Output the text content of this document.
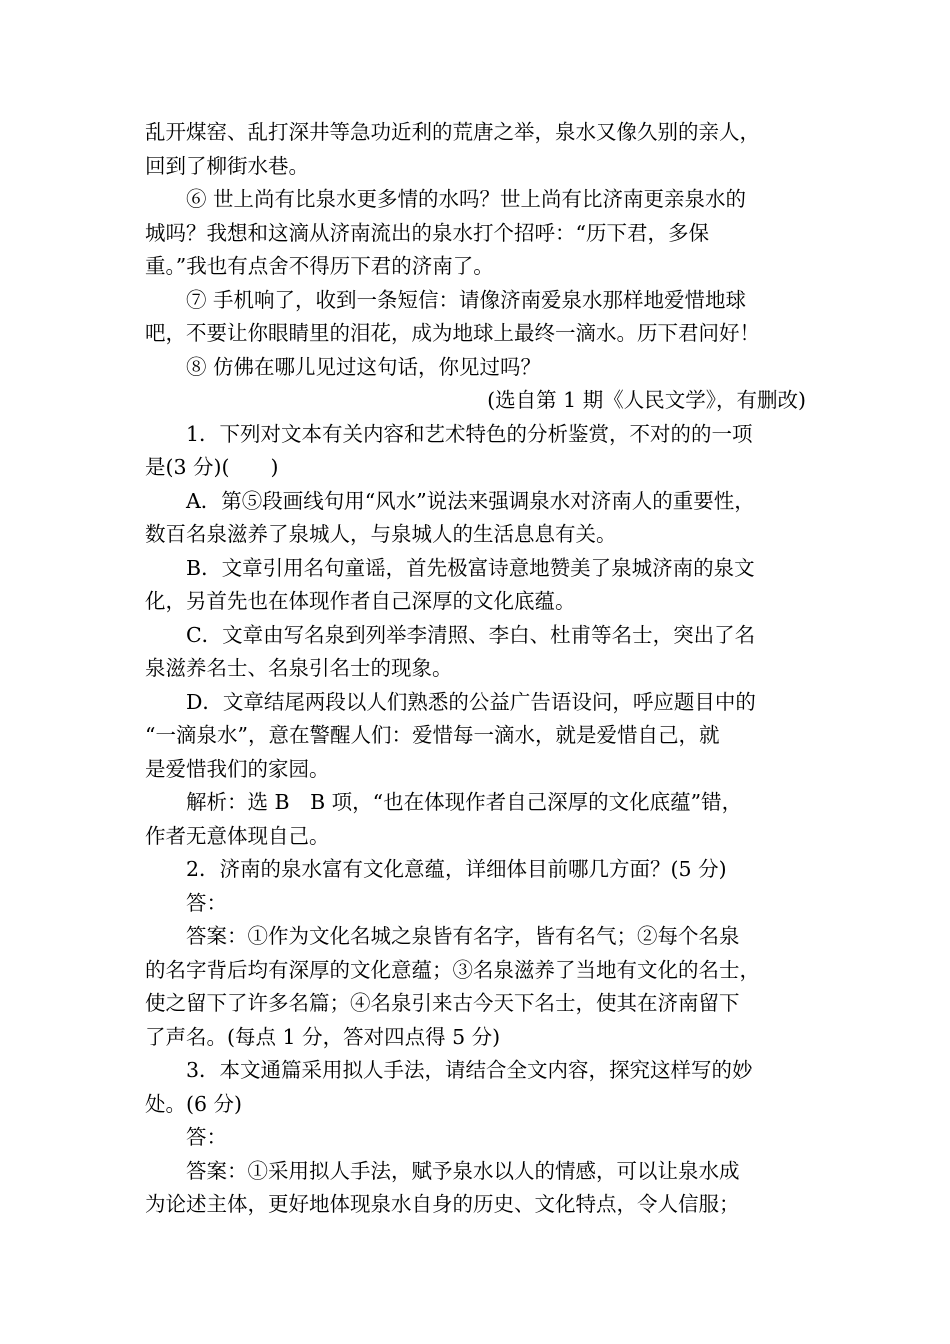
乱开煤窑、乱打深井等急功近利的荒唐之举，泉水又像久别的亲人，
回到了柳街水巷。
⑥ 世上尚有比泉水更多情的水吗？世上尚有比济南更亲泉水的
城吗？我想和这滴从济南流出的泉水打个招呼：“历下君，多保
重。”我也有点舍不得历下君的济南了。
⑦ 手机响了，收到一条短信：请像济南爱泉水那样地爱惜地球
吧，不要让你眼睛里的泪花，成为地球上最终一滴水。历下君问好！
⑧ 仿佛在哪儿见过这句话，你见过吗？
(选自第 1 期《人民文学》，有删改)
1．下列对文本有关内容和艺术特色的分析鉴赏，不对的的一项
是(3 分)(　　)
A．第⑤段画线句用“风水”说法来强调泉水对济南人的重要性，
数百名泉滋养了泉城人，与泉城人的生活息息有关。
B．文章引用名句童谣，首先极富诗意地赞美了泉城济南的泉文
化，另首先也在体现作者自己深厚的文化底蕴。
C．文章由写名泉到列举李清照、李白、杜甫等名士，突出了名
泉滋养名士、名泉引名士的现象。
D．文章结尾两段以人们熟悉的公益广告语设问，呼应题目中的
“一滴泉水”，意在警醒人们：爱惜每一滴水，就是爱惜自己，就
是爱惜我们的家园。
解析：选 B　B 项，“也在体现作者自己深厚的文化底蕴”错，
作者无意体现自己。
2．济南的泉水富有文化意蕴，详细体目前哪几方面？(5 分)
答：
答案：①作为文化名城之泉皆有名字，皆有名气；②每个名泉
的名字背后均有深厚的文化意蕴；③名泉滋养了当地有文化的名士，
使之留下了许多名篇；④名泉引来古今天下名士，使其在济南留下
了声名。(每点 1 分，答对四点得 5 分)
3．本文通篇采用拟人手法，请结合全文内容，探究这样写的妙
处。(6 分)
答：
答案：①采用拟人手法，赋予泉水以人的情感，可以让泉水成
为论述主体，更好地体现泉水自身的历史、文化特点，令人信服；
